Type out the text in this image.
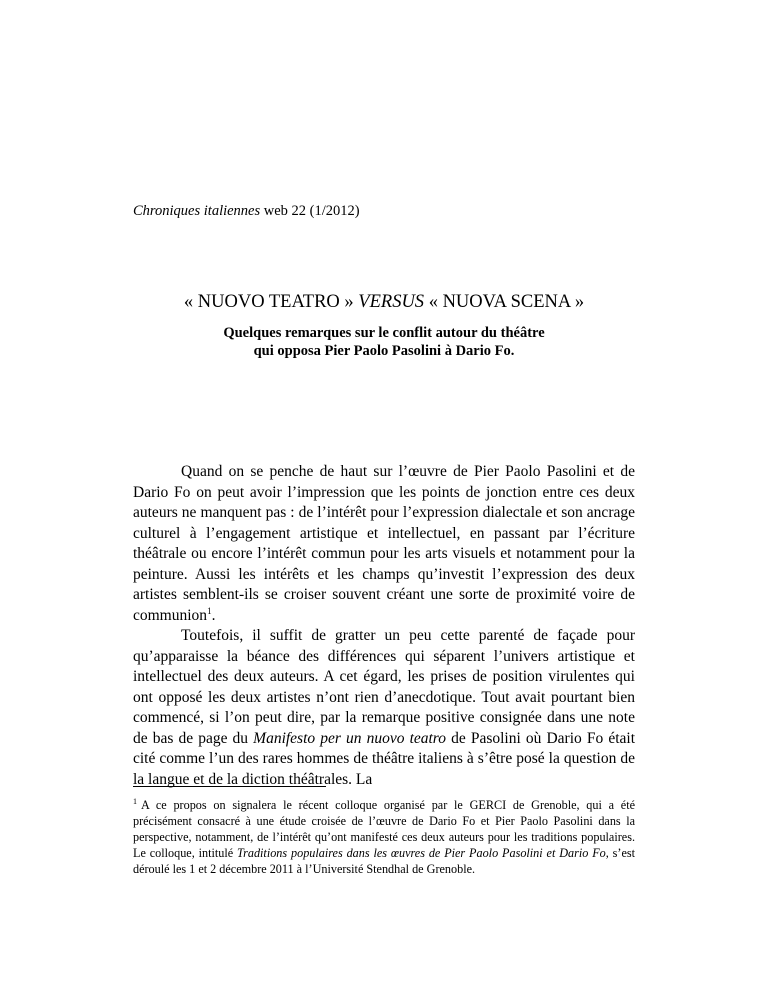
Chroniques italiennes web 22 (1/2012)
« NUOVO TEATRO » VERSUS « NUOVA SCENA »

Quelques remarques sur le conflit autour du théâtre
qui opposa Pier Paolo Pasolini à Dario Fo.

Quand on se penche de haut sur l’œuvre de Pier Paolo Pasolini et de Dario Fo on peut avoir l’impression que les points de jonction entre ces deux auteurs ne manquent pas : de l’intérêt pour l’expression dialectale et son ancrage culturel à l’engagement artistique et intellectuel, en passant par l’écriture théâtrale ou encore l’intérêt commun pour les arts visuels et notamment pour la peinture. Aussi les intérêts et les champs qu’investit l’expression des deux artistes semblent-ils se croiser souvent créant une sorte de proximité voire de communion$^1$.

Toutefois, il suffit de gratter un peu cette parenté de façade pour qu’apparaisse la béance des différences qui séparent l’univers artistique et intellectuel des deux auteurs. A cet égard, les prises de position virulentes qui ont opposé les deux artistes n’ont rien d’anecdotique. Tout avait pourtant bien commencé, si l’on peut dire, par la remarque positive consignée dans une note de bas de page du Manifesto per un nuovo teatro de Pasolini où Dario Fo était cité comme l’un des rares hommes de théâtre italiens à s’être posé la question de la langue et de la diction théâtrales. La

$^1$ A ce propos on signalera le récent colloque organisé par le GERCI de Grenoble, qui a été précisément consacré à une étude croisée de l’œuvre de Dario Fo et Pier Paolo Pasolini dans la perspective, notamment, de l’intérêt qu’ont manifesté ces deux auteurs pour les traditions populaires. Le colloque, intitulé Traditions populaires dans les œuvres de Pier Paolo Pasolini et Dario Fo, s’est déroulé les 1 et 2 décembre 2011 à l’Université Stendhal de Grenoble.
